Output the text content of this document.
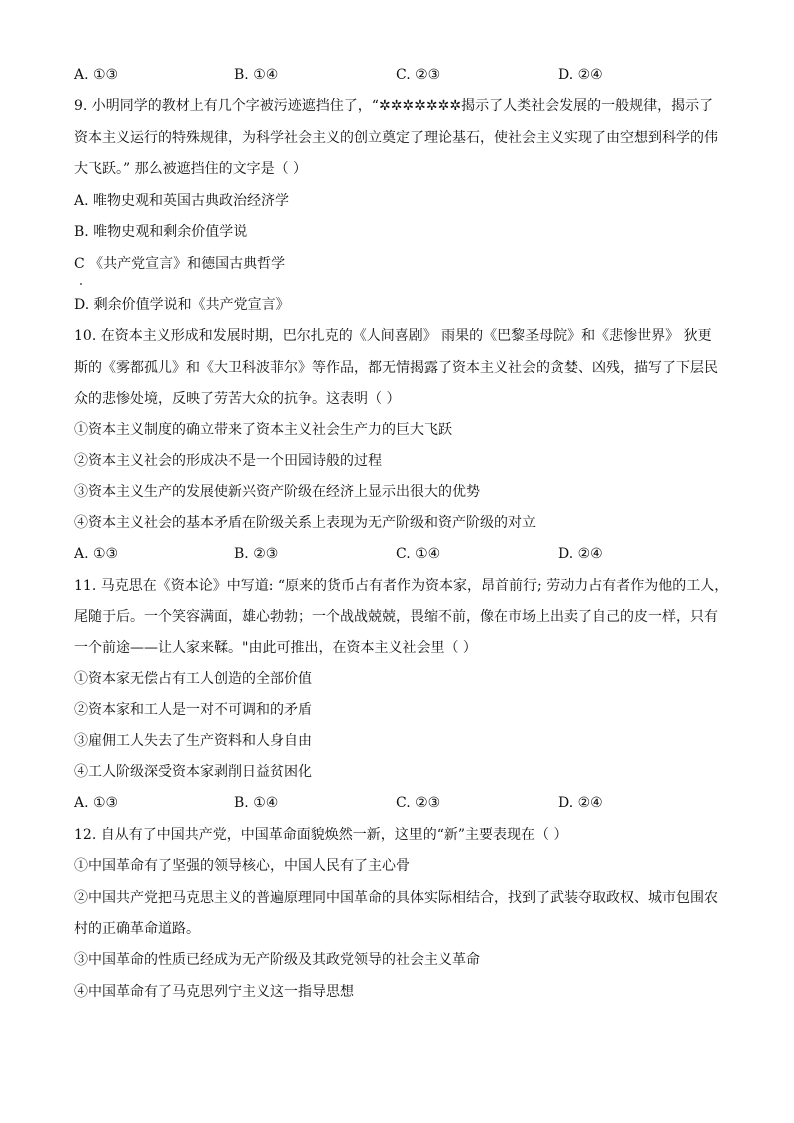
A. ①③	B. ①④	C. ②③	D. ②④
9. 小明同学的教材上有几个字被污迹遮挡住了，“✲✲✲✲✲✲✲揭示了人类社会发展的一般规律，揭示了
资本主义运行的特殊规律，为科学社会主义的创立奠定了理论基石，使社会主义实现了由空想到科学的伟
大飞跃。” 那么被遮挡住的文字是（ ）
A. 唯物史观和英国古典政治经济学
B. 唯物史观和剩余价值学说
C 《共产党宣言》和德国古典哲学
D. 剩余价值学说和《共产党宣言》
10. 在资本主义形成和发展时期，巴尔扎克的《人间喜剧》 雨果的《巴黎圣母院》和《悲惨世界》 狄更
斯的《雾都孤儿》和《大卫科波菲尔》等作品，都无情揭露了资本主义社会的贪婪、凶残，描写了下层民
众的悲惨处境，反映了劳苦大众的抗争。这表明（ ）
①资本主义制度的确立带来了资本主义社会生产力的巨大飞跃
②资本主义社会的形成决不是一个田园诗般的过程
③资本主义生产的发展使新兴资产阶级在经济上显示出很大的优势
④资本主义社会的基本矛盾在阶级关系上表现为无产阶级和资产阶级的对立
A. ①③	B. ②③	C. ①④	D. ②④
11. 马克思在《资本论》中写道: “原来的货币占有者作为资本家，昂首前行; 劳动力占有者作为他的工人，
尾随于后。一个笑容满面，雄心勃勃；一个战战兢兢，畏缩不前，像在市场上出卖了自己的皮一样，只有
一个前途——让人家来鞣。"由此可推出，在资本主义社会里（ ）
①资本家无偿占有工人创造的全部价值
②资本家和工人是一对不可调和的矛盾
③雇佣工人失去了生产资料和人身自由
④工人阶级深受资本家剥削日益贫困化
A. ①③	B. ①④	C. ②③	D. ②④
12. 自从有了中国共产党，中国革命面貌焕然一新，这里的“新”主要表现在（ ）
①中国革命有了坚强的领导核心，中国人民有了主心骨
②中国共产党把马克思主义的普遍原理同中国革命的具体实际相结合，找到了武装夺取政权、城市包围农
村的正确革命道路。
③中国革命的性质已经成为无产阶级及其政党领导的社会主义革命
④中国革命有了马克思列宁主义这一指导思想
